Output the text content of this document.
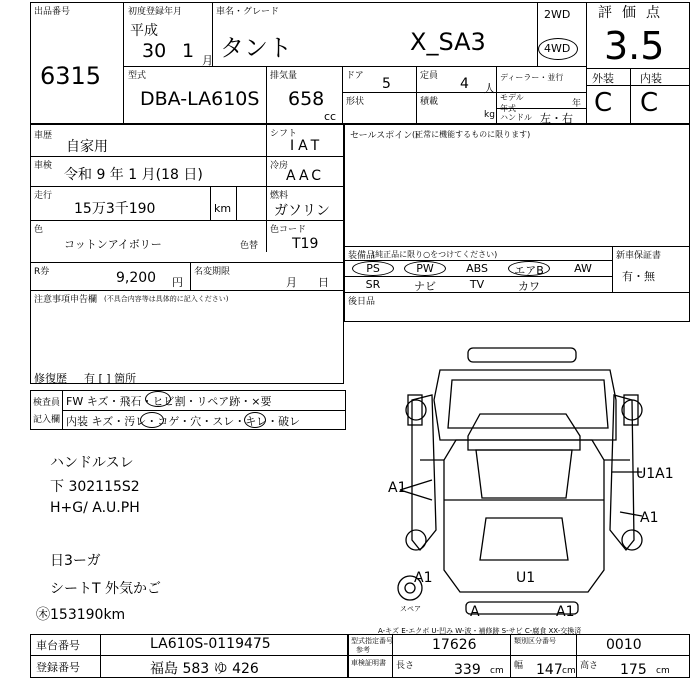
出品番号
6315
初度登録年月
平成
30 1 月
車名・グレード
タント	X_SA3
2WD
4WD
評価点
3.5
外装 内装
C C
型式
DBA-LA610S
排気量
658
cc
ドア 5	定員 4 人
形状	積載
kg
ディーラー・並行
モデル年式	年
ハンドル 左・右
車歴
自家用
シフト
IAT
車検
令和 9 年 1 月(18 日)
冷房
AAC
走行
15万3千190	km
燃料
ガソリン
色
コットンアイボリー	色替
色コード
T19
R券	9,200 円
名変期限
月 日
注意事項申告欄 (不具合内容等は具体的に記入ください)
修復歴 有 [ ] 箇所
セールスポイント
(正常に機能するものに限ります)
装備品
(純正品に限り○をつけてください)	新車保証書
有・無
PS	PW	ABS	エアB	AW
SR	ナビ	TV	カワ
後日品
検査員
記入欄
FW キズ・飛石・ヒビ割・リペア跡・×要
内装 キズ・汚レ・コゲ・穴・スレ・キレ・破レ
ハンドルスレ
下 302115S2
H+G/ A.U.PH
日3ーガ
シートT 外気かご
㊍153190km
A1
U1A1
A1
A1	U1
A	A1
スペア
A-キズ E-エクボ U-凹み W-波・補修跡 S-サビ C-腐食 XX-交換済
車台番号	LA610S-0119475
登録番号	福島 583 ゆ 426
型式指定番号
参考	17626	類別区分番号	0010
車検証明書 長さ	339 cm 幅 147 cm 高さ 175 cm
